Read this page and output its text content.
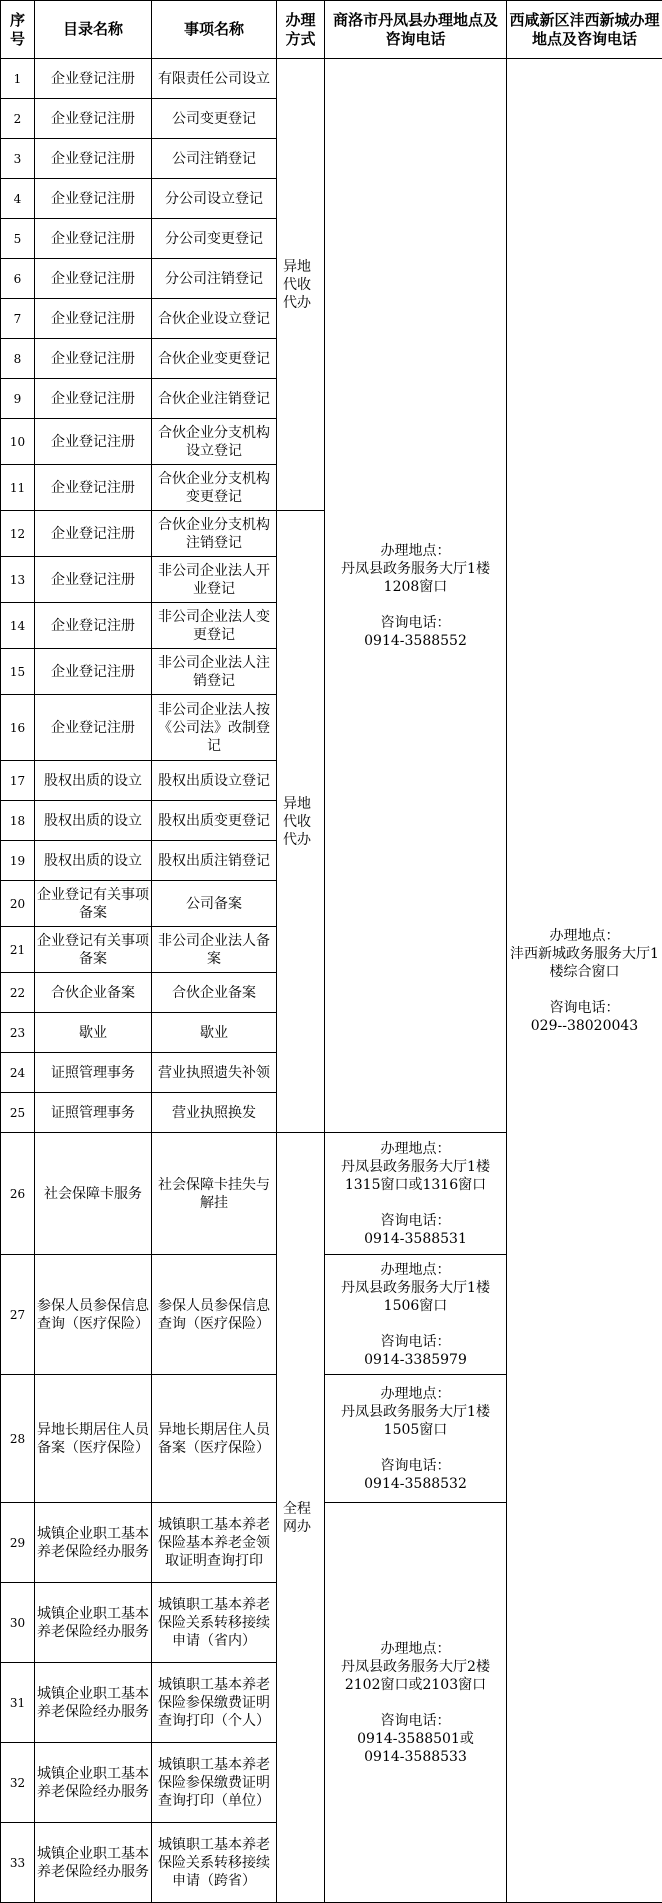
序号	目录名称	事项名称	办理方式	商洛市丹凤县办理地点及咨询电话	西咸新区沣西新城办理地点及咨询电话
1	企业登记注册	有限责任公司设立	异地代收代办	办理地点：
丹凤县政务服务大厅1楼1208窗口

咨询电话：
0914-3588552	办理地点：
沣西新城政务服务大厅1楼综合窗口

咨询电话：
029--38020043
2	企业登记注册	公司变更登记			
3	企业登记注册	公司注销登记			
4	企业登记注册	分公司设立登记			
5	企业登记注册	分公司变更登记			
6	企业登记注册	分公司注销登记			
7	企业登记注册	合伙企业设立登记			
8	企业登记注册	合伙企业变更登记			
9	企业登记注册	合伙企业注销登记			
10	企业登记注册	合伙企业分支机构设立登记			
11	企业登记注册	合伙企业分支机构变更登记			
12	企业登记注册	合伙企业分支机构注销登记	异地代收代办		
13	企业登记注册	非公司企业法人开业登记			
14	企业登记注册	非公司企业法人变更登记			
15	企业登记注册	非公司企业法人注销登记			
16	企业登记注册	非公司企业法人按《公司法》改制登记			
17	股权出质的设立	股权出质设立登记			
18	股权出质的设立	股权出质变更登记			
19	股权出质的设立	股权出质注销登记			
20	企业登记有关事项备案	公司备案			
21	企业登记有关事项备案	非公司企业法人备案			
22	合伙企业备案	合伙企业备案			
23	歇业	歇业			
24	证照管理事务	营业执照遗失补领			
25	证照管理事务	营业执照换发			
26	社会保障卡服务	社会保障卡挂失与解挂	全程网办	办理地点：
丹凤县政务服务大厅1楼1315窗口或1316窗口

咨询电话：
0914-3588531	
27	参保人员参保信息查询（医疗保险）	参保人员参保信息查询（医疗保险）		办理地点：
丹凤县政务服务大厅1楼1506窗口

咨询电话：
0914-3385979	
28	异地长期居住人员备案（医疗保险）	异地长期居住人员备案（医疗保险）		办理地点：
丹凤县政务服务大厅1楼1505窗口

咨询电话：
0914-3588532	
29	城镇企业职工基本养老保险经办服务	城镇职工基本养老保险基本养老金领取证明查询打印		办理地点：
丹凤县政务服务大厅2楼2102窗口或2103窗口

咨询电话：
0914-3588501或
0914-3588533	
30	城镇企业职工基本养老保险经办服务	城镇职工基本养老保险关系转移接续申请（省内）			
31	城镇企业职工基本养老保险经办服务	城镇职工基本养老保险参保缴费证明查询打印（个人）			
32	城镇企业职工基本养老保险经办服务	城镇职工基本养老保险参保缴费证明查询打印（单位）			
33	城镇企业职工基本养老保险经办服务	城镇职工基本养老保险关系转移接续申请（跨省）			
